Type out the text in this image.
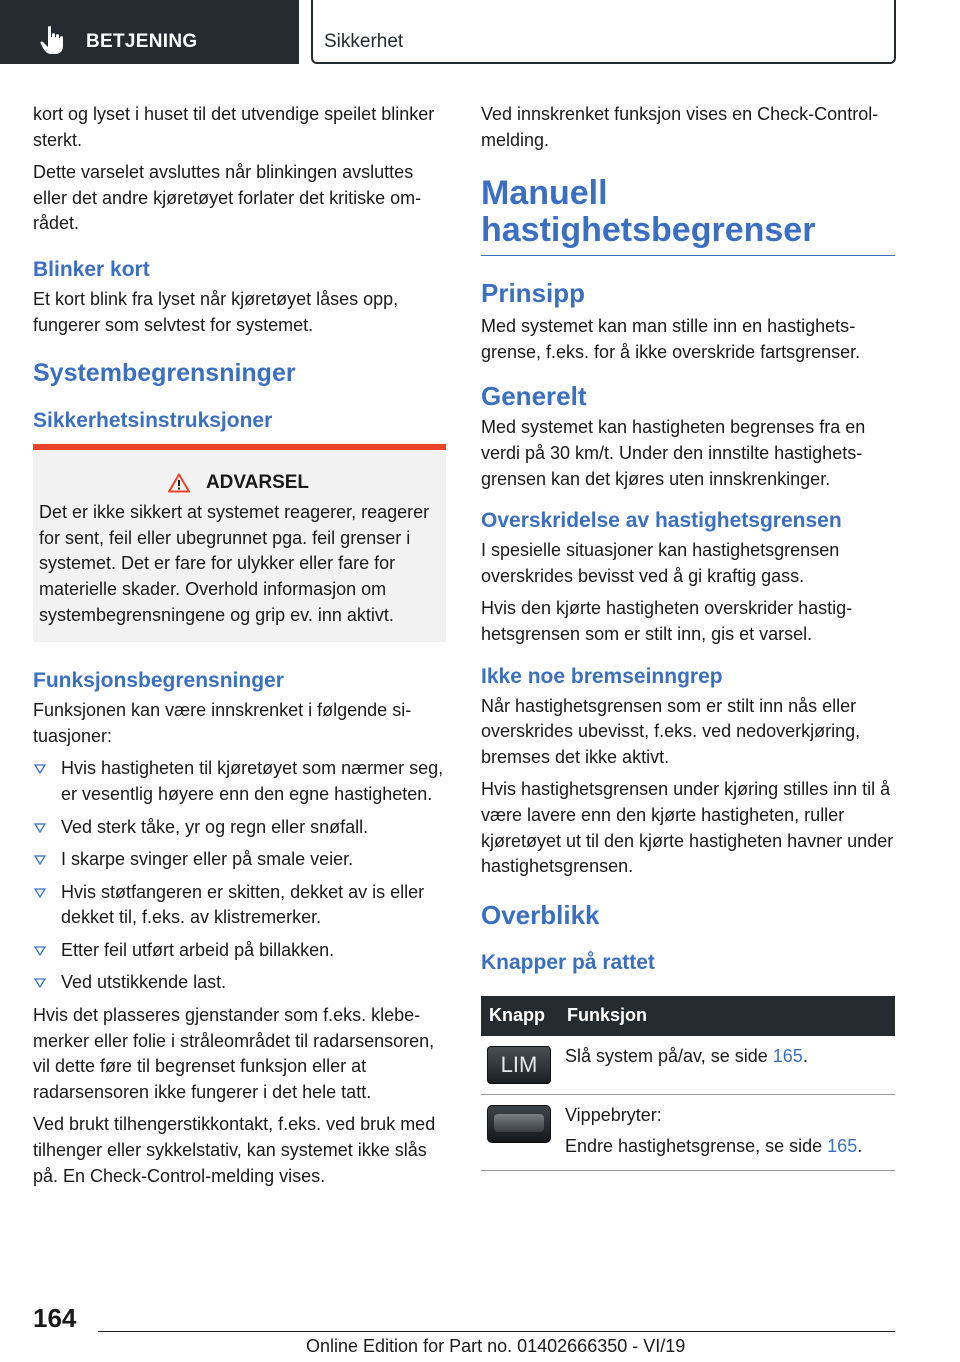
BETJENING	Sikkerhet

kort og lyset i huset til det utvendige speilet blinker sterkt.

Dette varselet avsluttes når blinkingen avsluttes eller det andre kjøretøyet forlater det kritiske området.

Blinker kort

Et kort blink fra lyset når kjøretøyet låses opp, fungerer som selvtest for systemet.

Systembegrensninger
Sikkerhetsinstruksjoner
ADVARSEL

Det er ikke sikkert at systemet reagerer, reagerer for sent, feil eller ubegrunnet pga. feil grenser i systemet. Det er fare for ulykker eller fare for materielle skader. Overhold informasjon om systembegrensningene og grip ev. inn aktivt.

Funksjonsbegrensninger

Funksjonen kan være innskrenket i følgende situasjoner:

Hvis hastigheten til kjøretøyet som nærmer seg, er vesentlig høyere enn den egne hastigheten.
Ved sterk tåke, yr og regn eller snøfall.
I skarpe svinger eller på smale veier.
Hvis støtfangeren er skitten, dekket av is eller dekket til, f.eks. av klistremerker.
Etter feil utført arbeid på billakken.
Ved utstikkende last.

Hvis det plasseres gjenstander som f.eks. klebemerker eller folie i stråleområdet til radarsensoren, vil dette føre til begrenset funksjon eller at radarsensoren ikke fungerer i det hele tatt.

Ved brukt tilhengerstikkontakt, f.eks. ved bruk med tilhenger eller sykkelstativ, kan systemet ikke slås på. En Check-Control-melding vises.

Ved innskrenket funksjon vises en Check-Control-melding.

Manuell hastighetsbegrenser
Prinsipp

Med systemet kan man stille inn en hastighetsgrense, f.eks. for å ikke overskride fartsgrenser.

Generelt

Med systemet kan hastigheten begrenses fra en verdi på 30 km/t. Under den innstilte hastighetsgrensen kan det kjøres uten innskrenkinger.

Overskridelse av hastighetsgrensen

I spesielle situasjoner kan hastighetsgrensen overskrides bevisst ved å gi kraftig gass.

Hvis den kjørte hastigheten overskrider hastighetsgrensen som er stilt inn, gis et varsel.

Ikke noe bremseinngrep

Når hastighetsgrensen som er stilt inn nås eller overskrides ubevisst, f.eks. ved nedoverkjøring, bremses det ikke aktivt.

Hvis hastighetsgrensen under kjøring stilles inn til å være lavere enn den kjørte hastigheten, ruller kjøretøyet ut til den kjørte hastigheten havner under hastighetsgrensen.

Overblikk
Knapper på rattet
Knapp	Funksjon

LIM	Slå system på/av, se side 165.

	Vippebryter:
Endre hastighetsgrense, se side 165.
164
Online Edition for Part no. 01402666350 - VI/19
